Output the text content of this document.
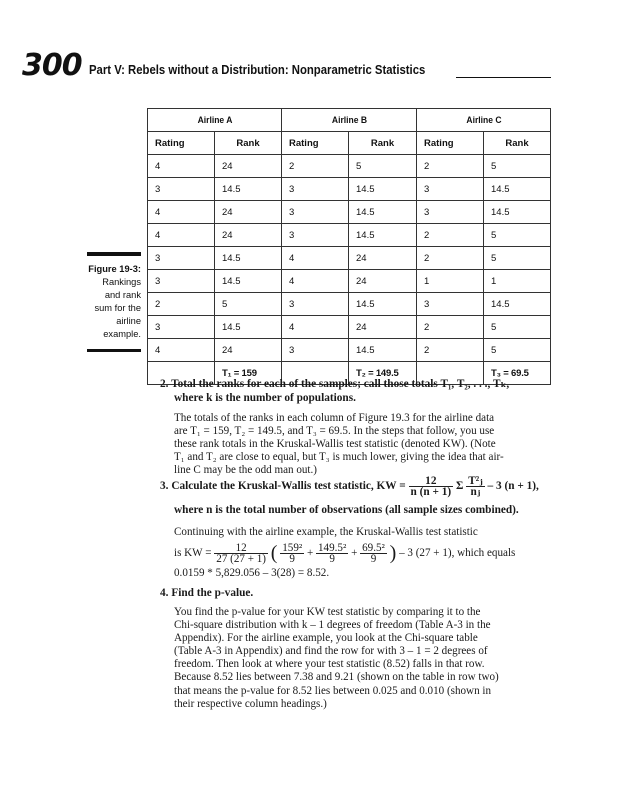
300 Part V: Rebels without a Distribution: Nonparametric Statistics
Figure 19-3:
Rankings
and rank
sum for the
airline
example.
Airline A		Airline B		Airline C	
Rating	Rank	Rating	Rank	Rating	Rank
4	24	2	5	2	5
3	14.5	3	14.5	3	14.5
4	24	3	14.5	3	14.5
4	24	3	14.5	2	5
3	14.5	4	24	2	5
3	14.5	4	24	1	1
2	5	3	14.5	3	14.5
3	14.5	4	24	2	5
4	24	3	14.5	2	5
	T₁ = 159		T₂ = 149.5		T₃ = 69.5
2. Total the ranks for each of the samples; call those totals T₁, T₂, . . ., Tₖ,
where k is the number of populations.
The totals of the ranks in each column of Figure 19.3 for the airline data
are T₁ = 159, T₂ = 149.5, and T₃ = 69.5. In the steps that follow, you use
these rank totals in the Kruskal-Wallis test statistic (denoted KW). (Note
T₁ and T₂ are close to equal, but T₃ is much lower, giving the idea that air-
line C may be the odd man out.)
3. Calculate the Kruskal-Wallis test statistic, KW = $\frac{12}{n (n + 1)}$ Σ $\frac{\text{T²ⱼ}}{\text{nⱼ}} - 3$ (n + 1),
where n is the total number of observations (all sample sizes combined).
Continuing with the airline example, the Kruskal-Wallis test statistic
is KW = $\frac{12}{27 (27 + 1)}$ ( $\frac{\text{159²}}{9} + \frac{\text{149.5²}}{9} + \frac{\text{69.5²}}{9}$ ) – 3 (27 + 1), which equals
0.0159 * 5,829.056 – 3(28) = 8.52.
4. Find the p-value.
You find the p-value for your KW test statistic by comparing it to the
Chi-square distribution with k – 1 degrees of freedom (Table A-3 in the
Appendix). For the airline example, you look at the Chi-square table
(Table A-3 in Appendix) and find the row for with 3 – 1 = 2 degrees of
freedom. Then look at where your test statistic (8.52) falls in that row.
Because 8.52 lies between 7.38 and 9.21 (shown on the table in row two)
that means the p-value for 8.52 lies between 0.025 and 0.010 (shown in
their respective column headings.)
